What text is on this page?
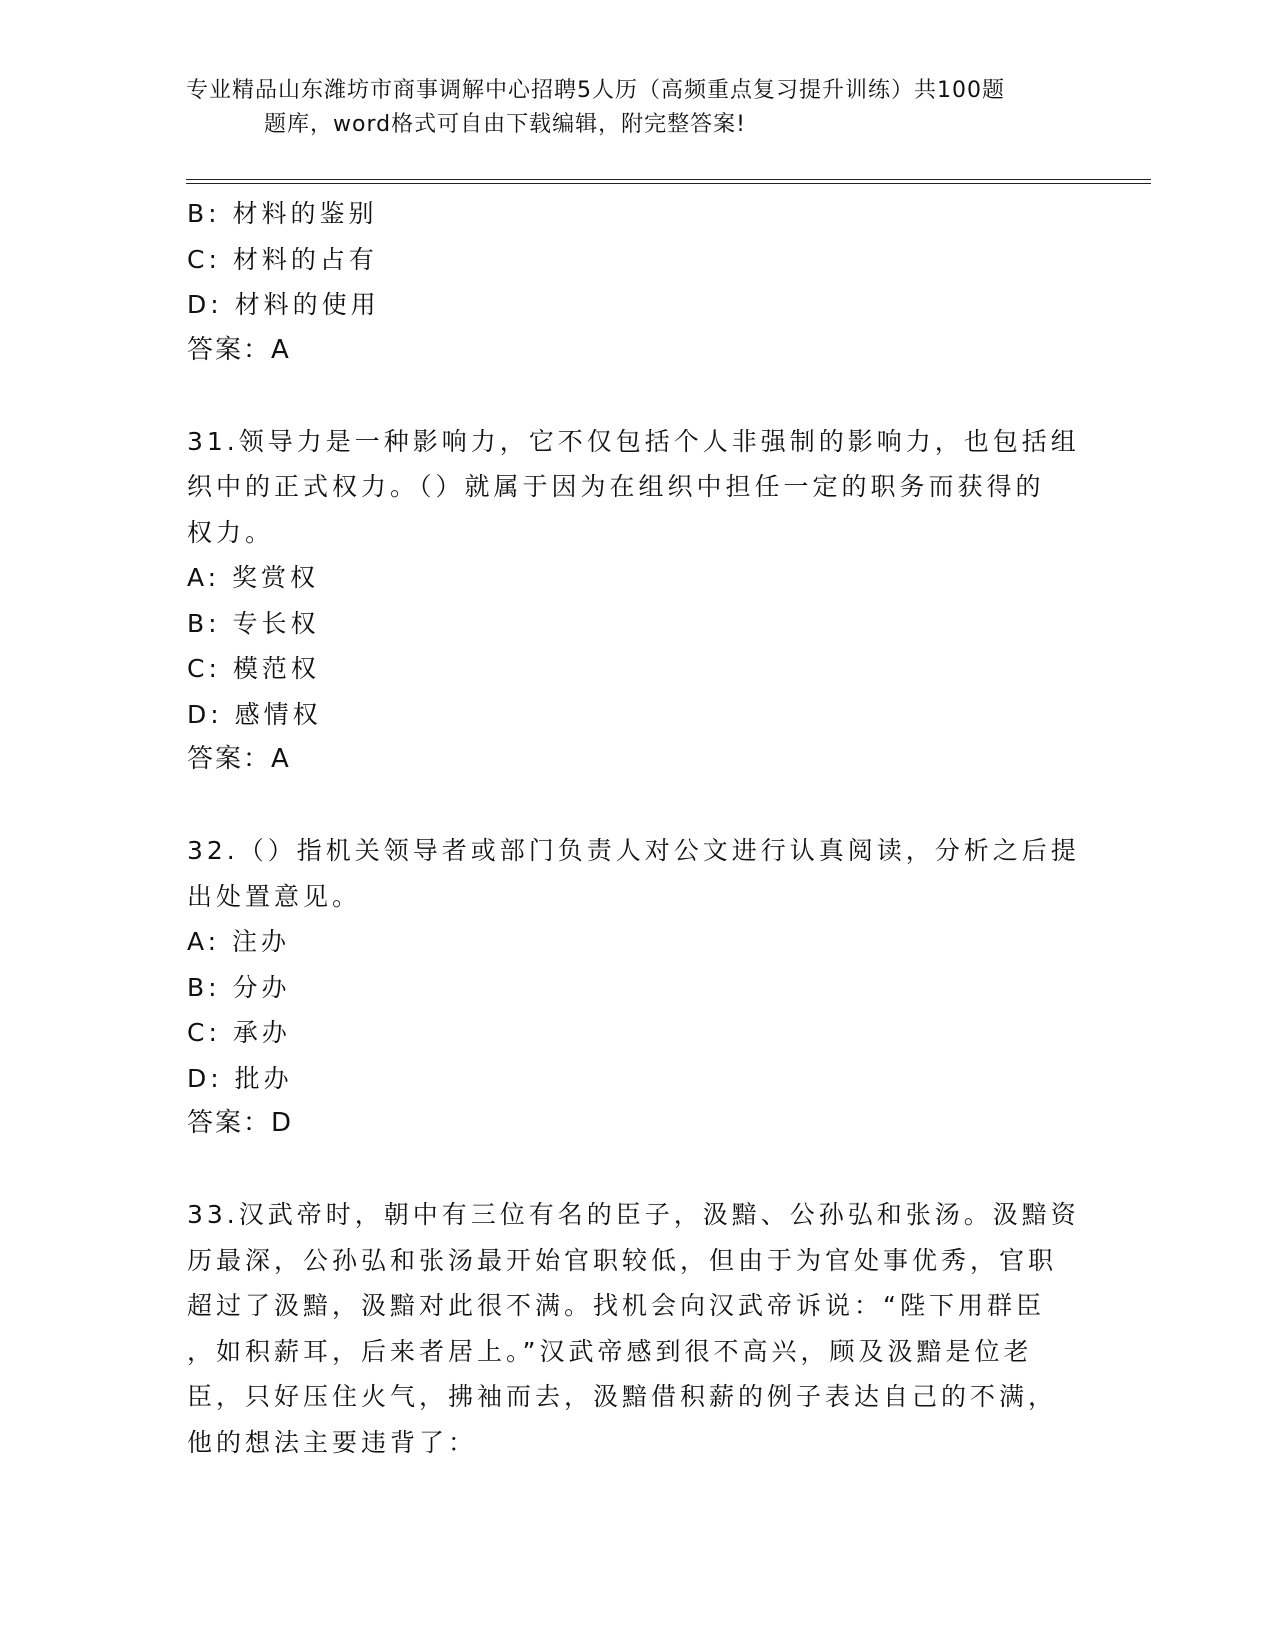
专业精品山东潍坊市商事调解中心招聘5人历（高频重点复习提升训练）共100题
题库，word格式可自由下载编辑，附完整答案!
B: 材料的鉴别
C: 材料的占有
D: 材料的使用
答案：A
31.领导力是一种影响力，它不仅包括个人非强制的影响力，也包括组
织中的正式权力。（）就属于因为在组织中担任一定的职务而获得的
权力。
A: 奖赏权
B: 专长权
C: 模范权
D: 感情权
答案：A
32.（）指机关领导者或部门负责人对公文进行认真阅读，分析之后提
出处置意见。
A: 注办
B: 分办
C: 承办
D: 批办
答案：D
33.汉武帝时，朝中有三位有名的臣子，汲黯、公孙弘和张汤。汲黯资
历最深，公孙弘和张汤最开始官职较低，但由于为官处事优秀，官职
超过了汲黯，汲黯对此很不满。找机会向汉武帝诉说：“陛下用群臣
，如积薪耳，后来者居上。”汉武帝感到很不高兴，顾及汲黯是位老
臣，只好压住火气，拂袖而去，汲黯借积薪的例子表达自己的不满，
他的想法主要违背了：
